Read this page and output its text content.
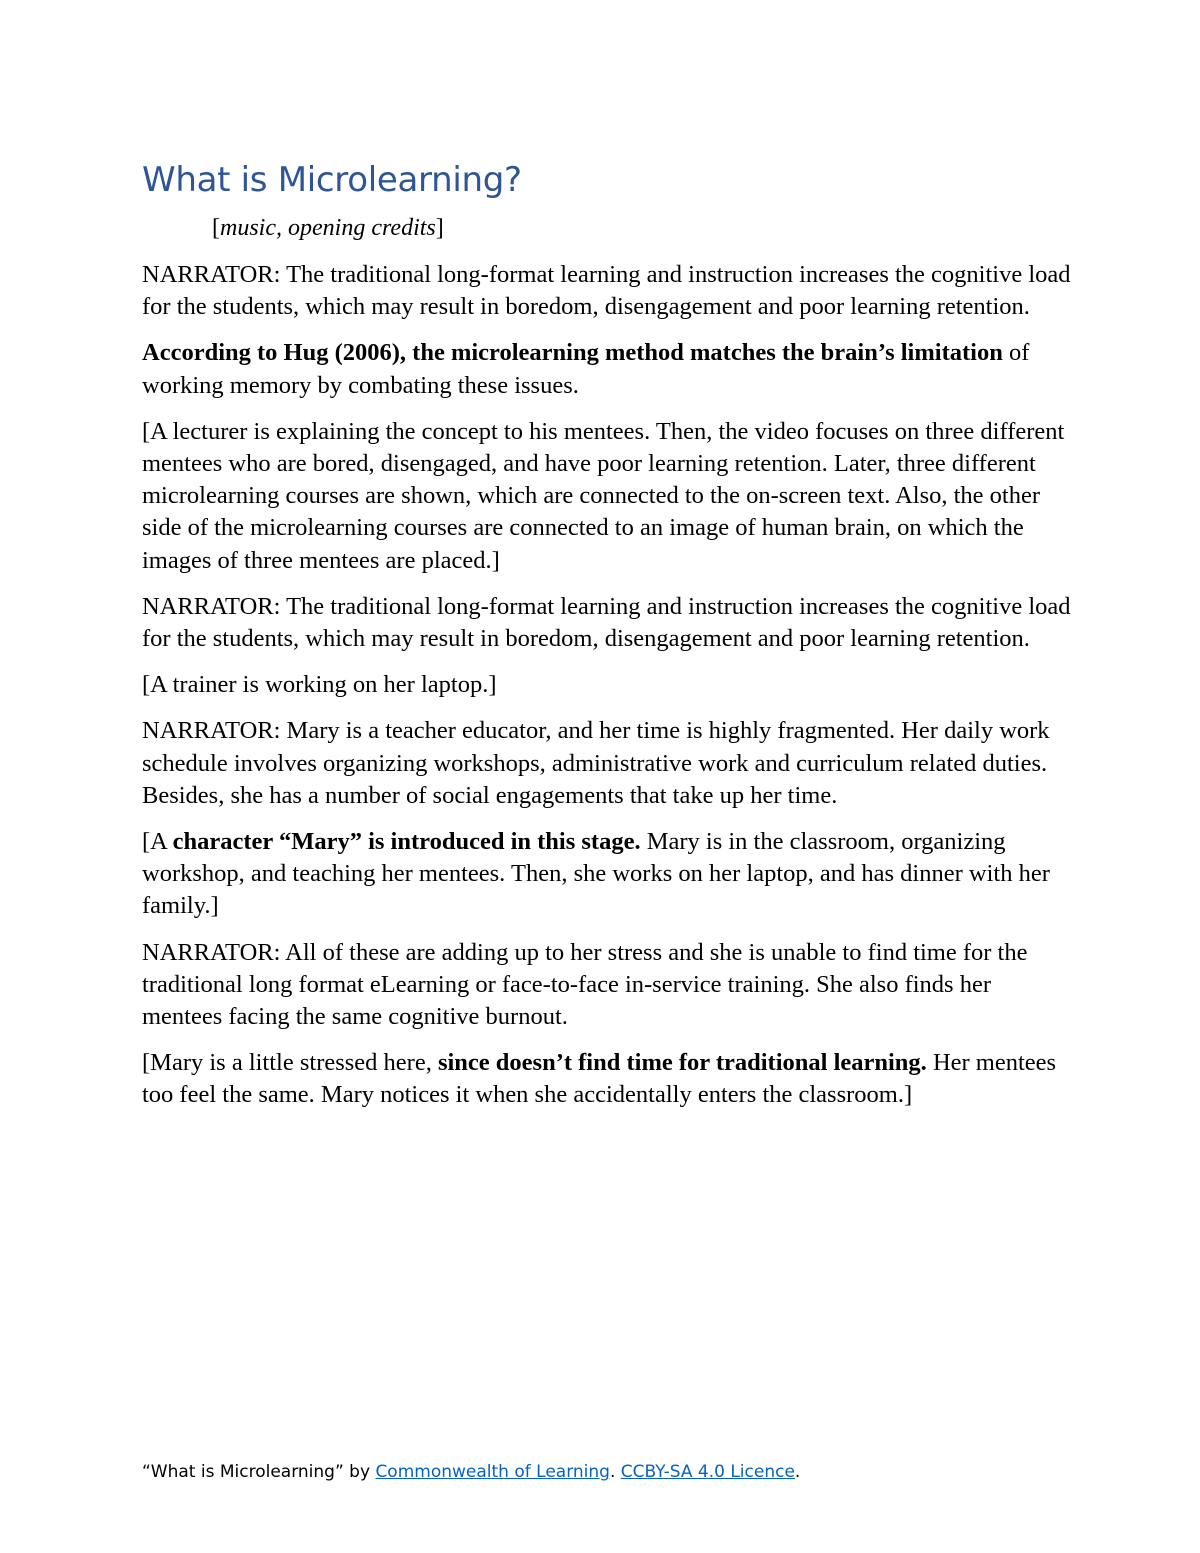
What is Microlearning?

[music, opening credits]

NARRATOR: The traditional long-format learning and instruction increases the cognitive load for the students, which may result in boredom, disengagement and poor learning retention.

According to Hug (2006), the microlearning method matches the brain’s limitation of working memory by combating these issues.

[A lecturer is explaining the concept to his mentees. Then, the video focuses on three different mentees who are bored, disengaged, and have poor learning retention. Later, three different microlearning courses are shown, which are connected to the on-screen text. Also, the other side of the microlearning courses are connected to an image of human brain, on which the images of three mentees are placed.]

NARRATOR: The traditional long-format learning and instruction increases the cognitive load for the students, which may result in boredom, disengagement and poor learning retention.

[A trainer is working on her laptop.]

NARRATOR: Mary is a teacher educator, and her time is highly fragmented. Her daily work schedule involves organizing workshops, administrative work and curriculum related duties. Besides, she has a number of social engagements that take up her time.

[A character “Mary” is introduced in this stage. Mary is in the classroom, organizing workshop, and teaching her mentees. Then, she works on her laptop, and has dinner with her family.]

NARRATOR: All of these are adding up to her stress and she is unable to find time for the traditional long format eLearning or face-to-face in-service training. She also finds her mentees facing the same cognitive burnout.

[Mary is a little stressed here, since doesn’t find time for traditional learning. Her mentees too feel the same. Mary notices it when she accidentally enters the classroom.]

“What is Microlearning” by Commonwealth of Learning. CCBY-SA 4.0 Licence.
